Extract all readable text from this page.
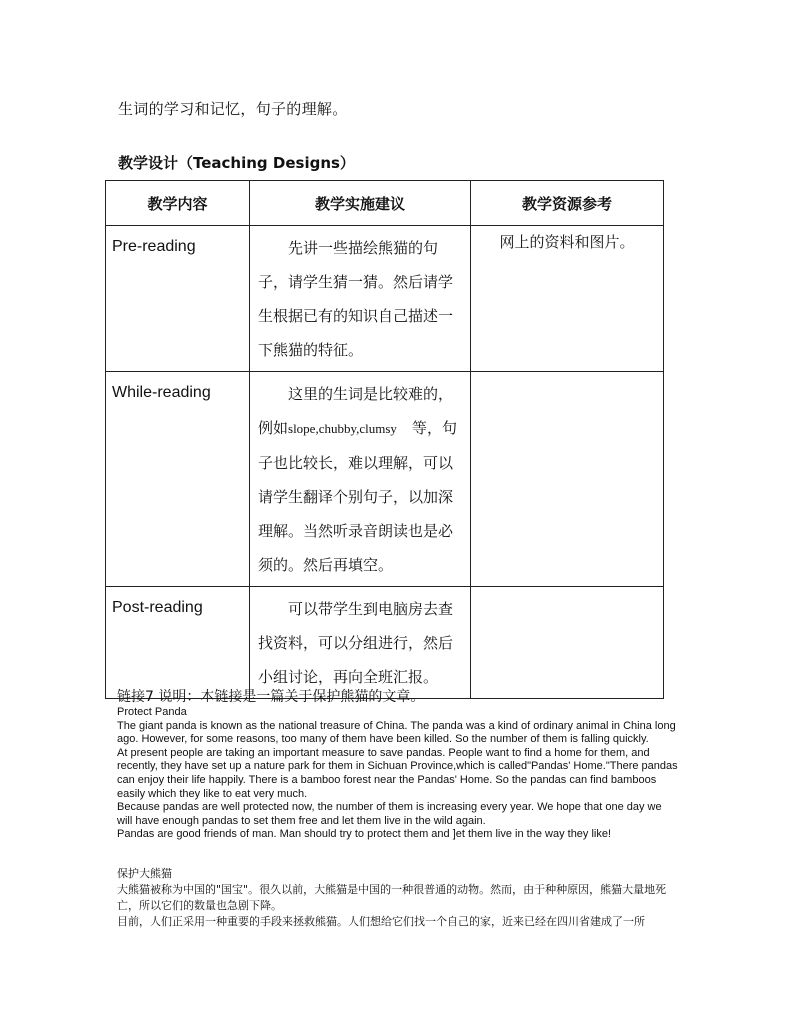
生词的学习和记忆，句子的理解。
教学设计（Teaching Designs）
教学内容	教学实施建议	教学资源参考

Pre-reading	　　先讲一些描绘熊猫的句子，请学生猜一猜。然后请学生根据已有的知识自己描述一下熊猫的特征。	网上的资料和图片。

While-reading	　　这里的生词是比较难的，例如slope,chubby,clumsy　等，句子也比较长，难以理解，可以请学生翻译个别句子，以加深理解。当然听录音朗读也是必须的。然后再填空。	

Post-reading	　　可以带学生到电脑房去查找资料，可以分组进行，然后小组讨论，再向全班汇报。	
链接7 说明：本链接是一篇关于保护熊猫的文章。

Protect Panda

The giant panda is known as the national treasure of China. The panda was a kind of ordinary animal in China long ago. However, for some reasons, too many of them have been killed. So the number of them is falling quickly.

At present people are taking an important measure to save pandas. People want to find a home for them, and recently, they have set up a nature park for them in Sichuan Province,which is called"Pandas' Home."There pandas can enjoy their life happily. There is a bamboo forest near the Pandas' Home. So the pandas can find bamboos easily which they like to eat very much.

Because pandas are well protected now, the number of them is increasing every year. We hope that one day we will have enough pandas to set them free and let them live in the wild again.

Pandas are good friends of man. Man should try to protect them and ]et them live in the way they like!

保护大熊猫

大熊猫被称为中国的"国宝"。很久以前，大熊猫是中国的一种很普通的动物。然而，由于种种原因，熊猫大量地死亡，所以它们的数量也急剧下降。

目前，人们正采用一种重要的手段来拯救熊猫。人们想给它们找一个自己的家，近来已经在四川省建成了一所
